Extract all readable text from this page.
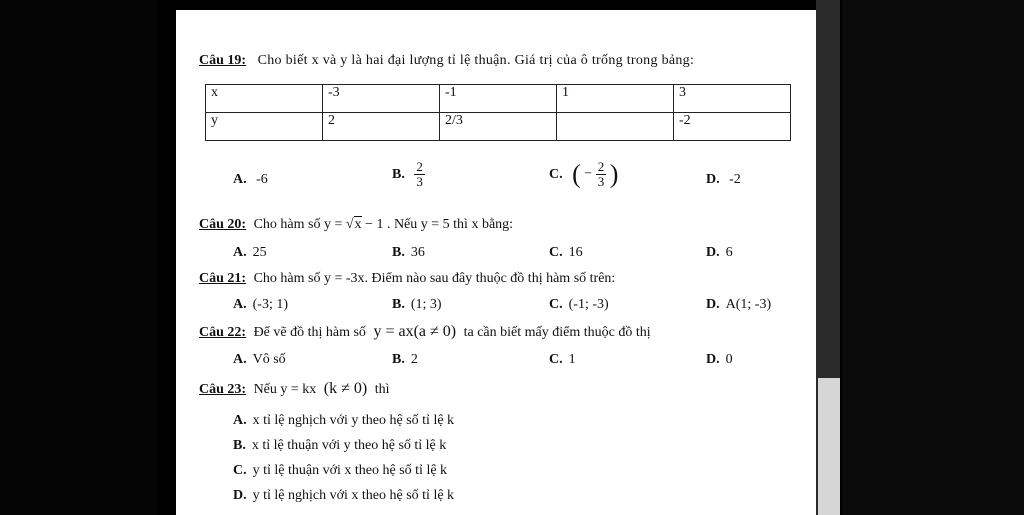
Câu 19: Cho biết x và y là hai đại lượng tỉ lệ thuận. Giá trị của ô trống trong bảng:
x	-3	-1	1	3
y	2	2/3		-2
A. -6	B. $\frac{2}{3}$	C. ( − $\frac{2}{3}$ )	D. -2
Câu 20: Cho hàm số y = √x − 1 . Nếu y = 5 thì x bằng:
A. 25	B. 36	C. 16	D. 6
Câu 21: Cho hàm số y = -3x. Điểm nào sau đây thuộc đồ thị hàm số trên:
A. (-3; 1)	B. (1; 3)	C. (-1; -3)	D. A(1; -3)
Câu 22: Để vẽ đồ thị hàm số y = ax(a ≠ 0) ta cần biết mấy điểm thuộc đồ thị
A. Vô số	B. 2	C. 1	D. 0
Câu 23: Nếu y = kx (k ≠ 0) thì
A. x tỉ lệ nghịch với y theo hệ số tỉ lệ k
B. x tỉ lệ thuận với y theo hệ số tỉ lệ k
C. y tỉ lệ thuận với x theo hệ số tỉ lệ k
D. y tỉ lệ nghịch với x theo hệ số tỉ lệ k
